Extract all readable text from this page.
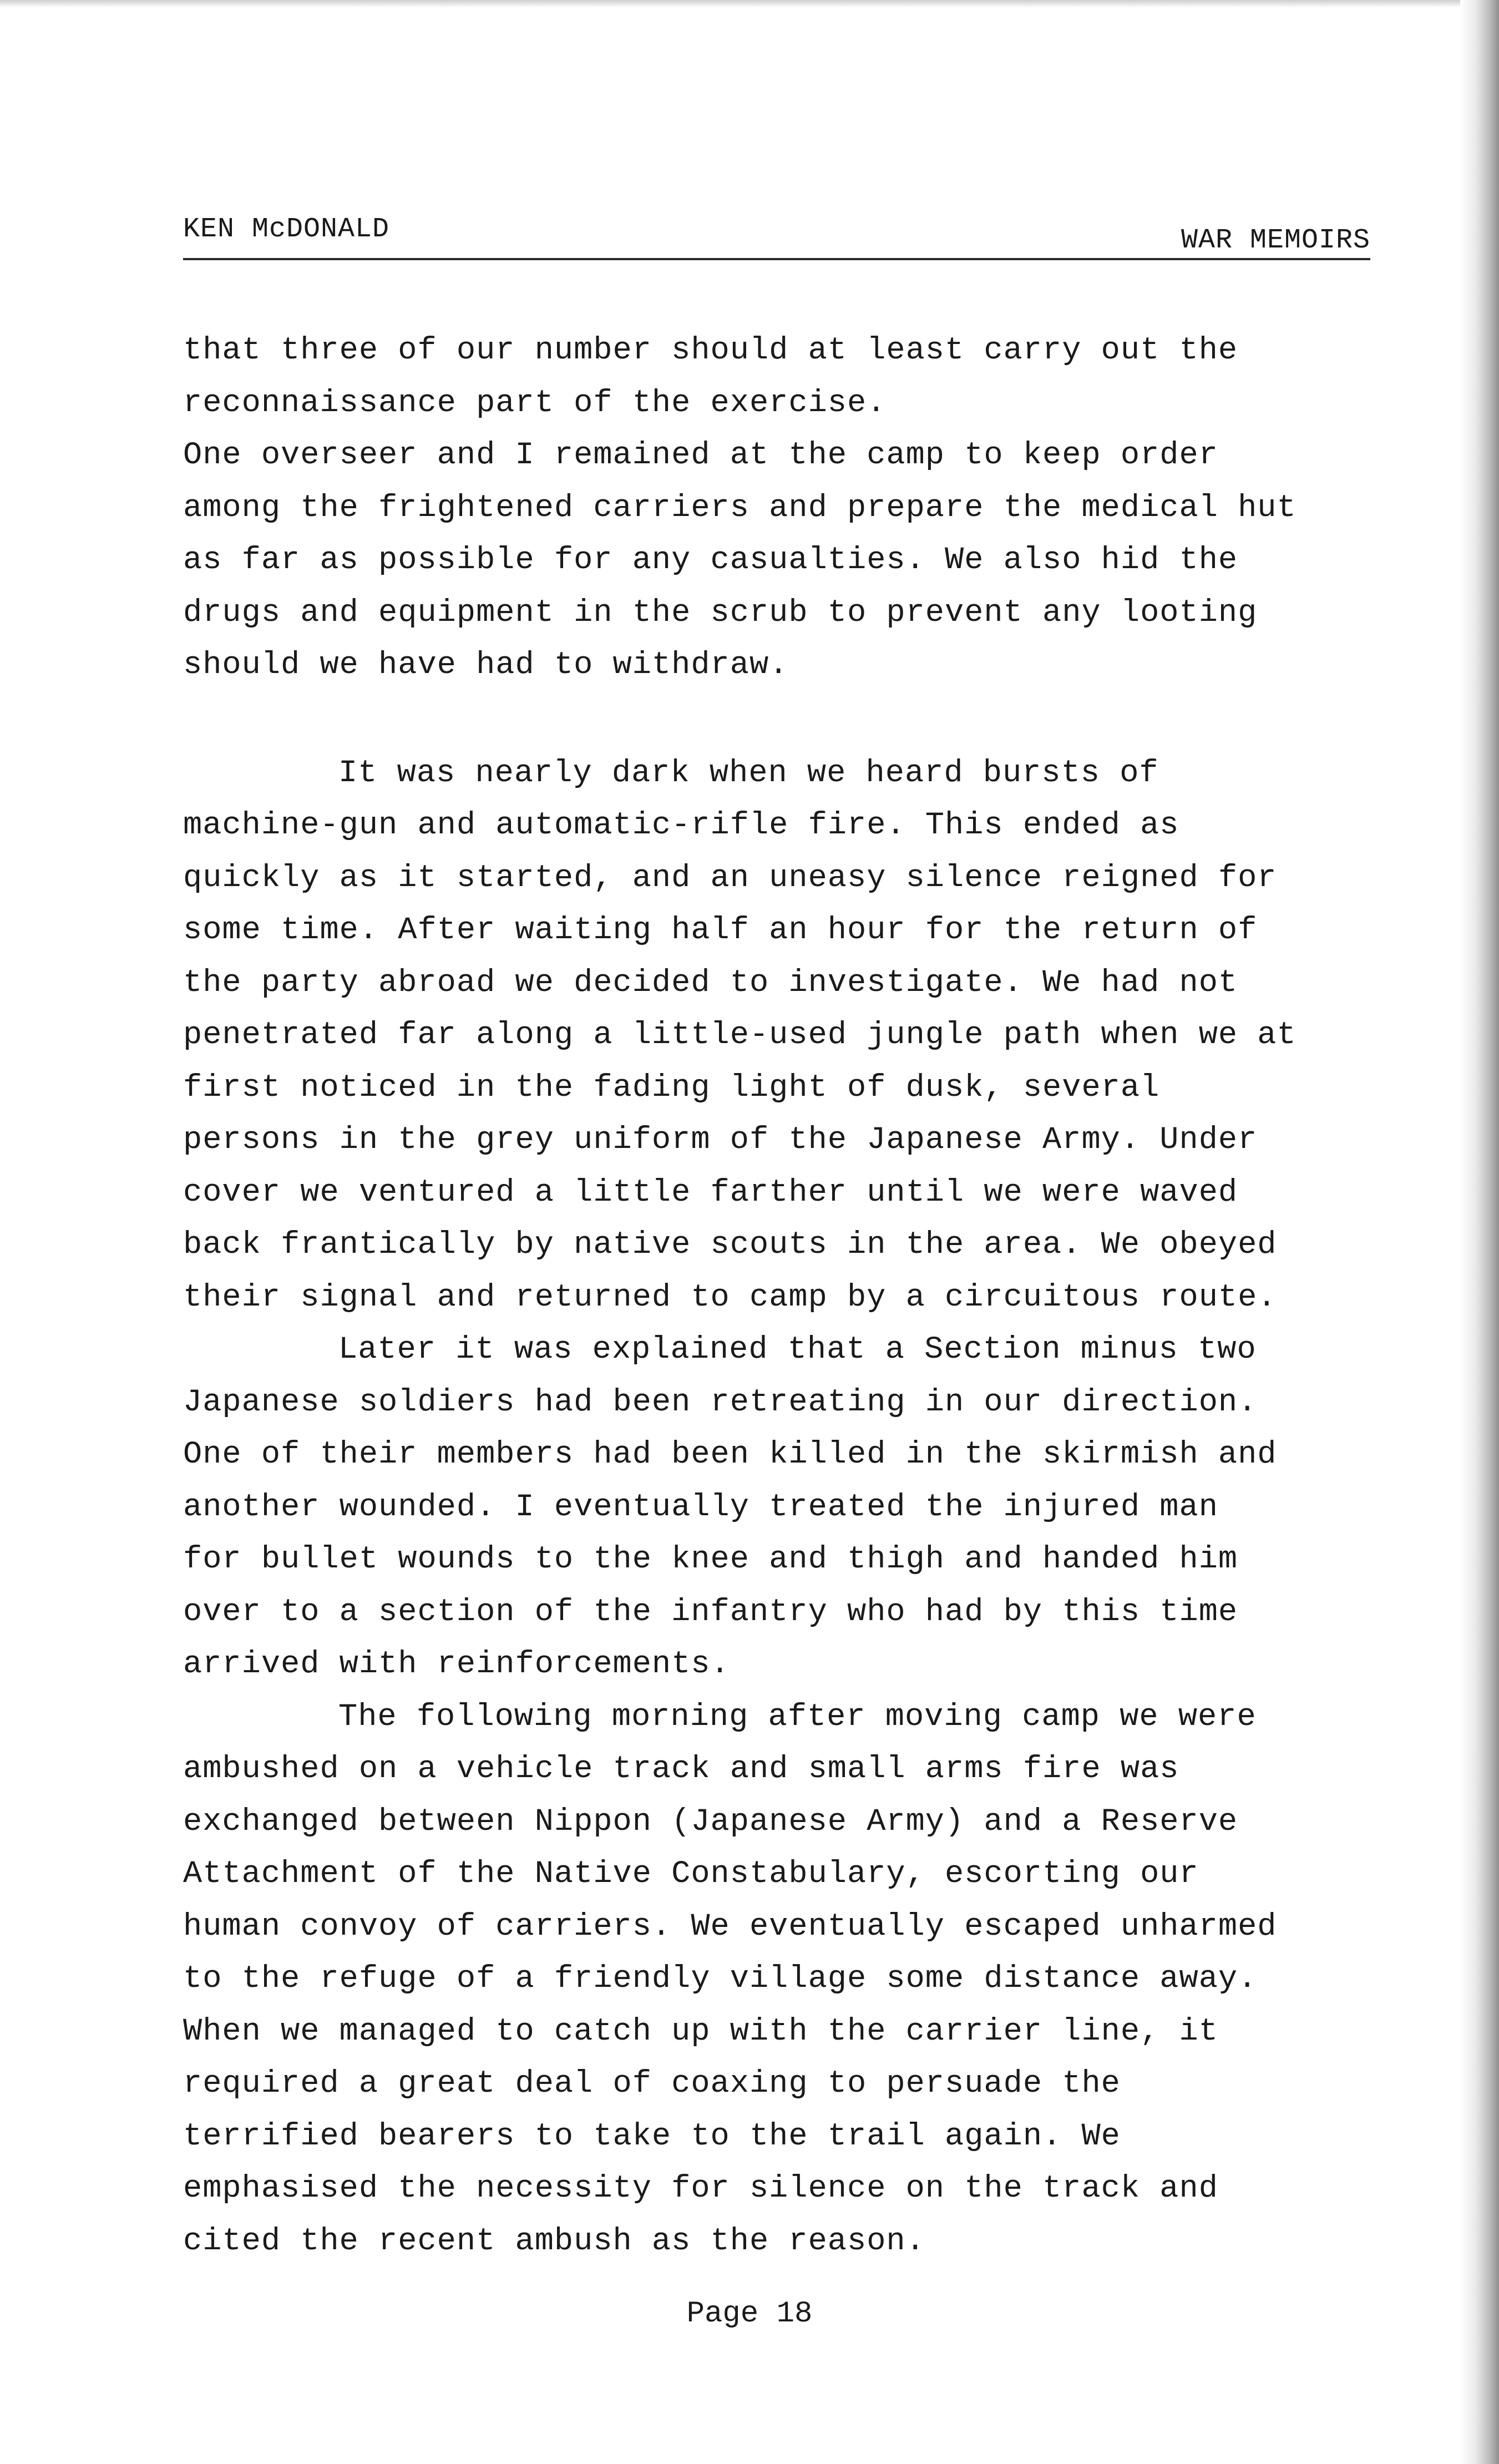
KEN McDONALD	WAR MEMOIRS
that three of our number should at least carry out the
reconnaissance part of the exercise.
One overseer and I remained at the camp to keep order
among the frightened carriers and prepare the medical hut
as far as possible for any casualties. We also hid the
drugs and equipment in the scrub to prevent any looting
should we have had to withdraw.
It was nearly dark when we heard bursts of
machine-gun and automatic-rifle fire. This ended as
quickly as it started, and an uneasy silence reigned for
some time. After waiting half an hour for the return of
the party abroad we decided to investigate. We had not
penetrated far along a little-used jungle path when we at
first noticed in the fading light of dusk, several
persons in the grey uniform of the Japanese Army. Under
cover we ventured a little farther until we were waved
back frantically by native scouts in the area. We obeyed
their signal and returned to camp by a circuitous route.
Later it was explained that a Section minus two
Japanese soldiers had been retreating in our direction.
One of their members had been killed in the skirmish and
another wounded. I eventually treated the injured man
for bullet wounds to the knee and thigh and handed him
over to a section of the infantry who had by this time
arrived with reinforcements.
The following morning after moving camp we were
ambushed on a vehicle track and small arms fire was
exchanged between Nippon (Japanese Army) and a Reserve
Attachment of the Native Constabulary, escorting our
human convoy of carriers. We eventually escaped unharmed
to the refuge of a friendly village some distance away.
When we managed to catch up with the carrier line, it
required a great deal of coaxing to persuade the
terrified bearers to take to the trail again. We
emphasised the necessity for silence on the track and
cited the recent ambush as the reason.
Page 18
